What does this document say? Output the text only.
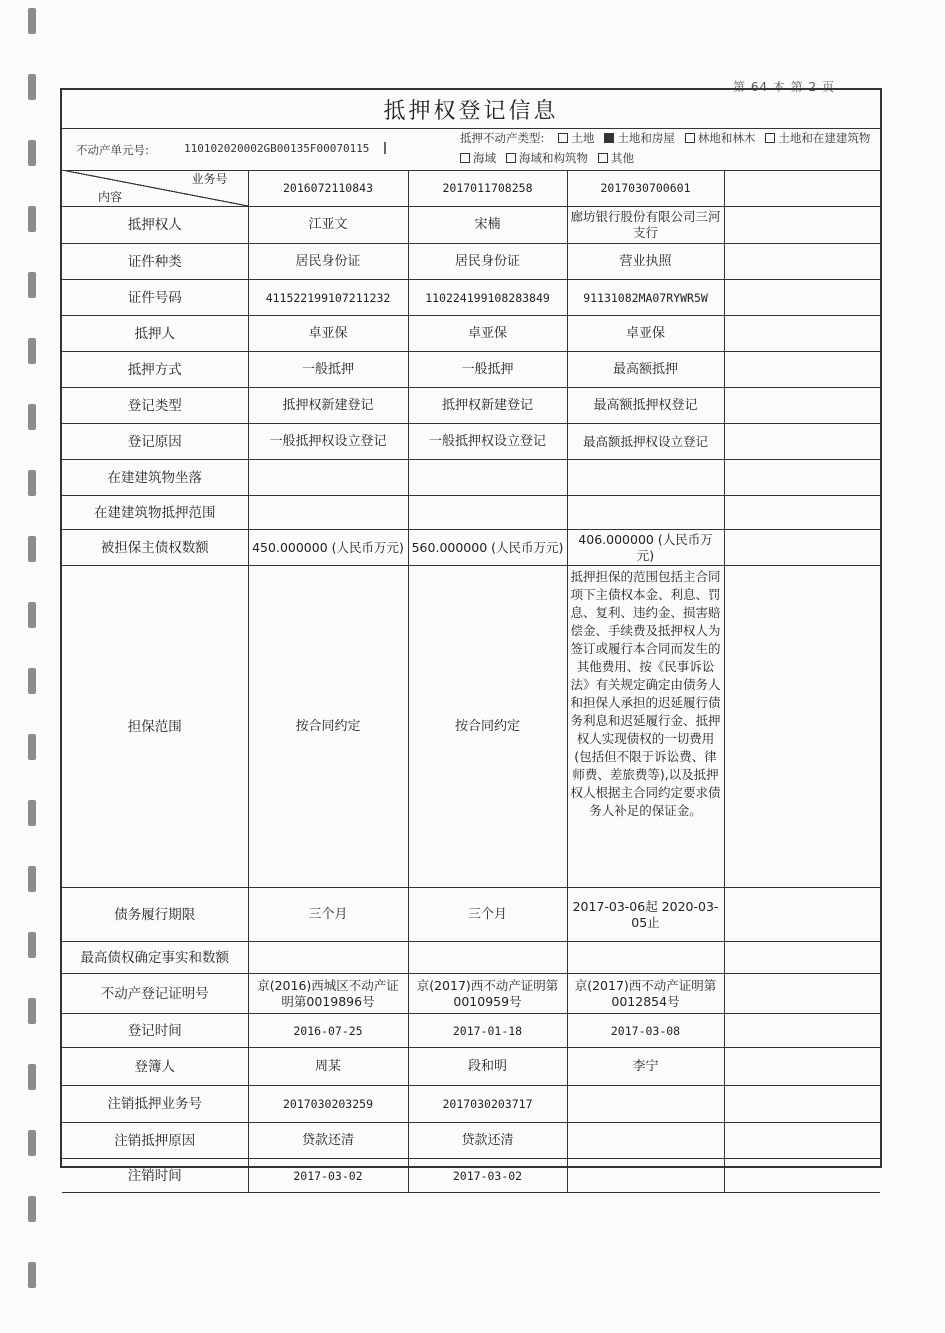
第 64 本 第 2 页
抵押权登记信息
不动产单元号:	110102020002GB00135F00070115
抵押不动产类型: 土地 土地和房屋 林地和林木 土地和在建建筑物
海域 海域和构筑物 其他
业务号
内容	2016072110843	2017011708258	2017030700601	
抵押权人	江亚文	宋楠	廊坊银行股份有限公司三河支行	
证件种类	居民身份证	居民身份证	营业执照	
证件号码	411522199107211232	110224199108283849	91131082MA07RYWR5W	
抵押人	卓亚保	卓亚保	卓亚保	
抵押方式	一般抵押	一般抵押	最高额抵押	
登记类型	抵押权新建登记	抵押权新建登记	最高额抵押权登记	
登记原因	一般抵押权设立登记	一般抵押权设立登记	最高额抵押权设立登记	
在建建筑物坐落				
在建建筑物抵押范围				
被担保主债权数额	450.000000 (人民币万元)	560.000000 (人民币万元)	406.000000 (人民币万元)	
担保范围	按合同约定	按合同约定	抵押担保的范围包括主合同项下主债权本金、利息、罚息、复利、违约金、损害赔偿金、手续费及抵押权人为签订或履行本合同而发生的其他费用、按《民事诉讼法》有关规定确定由债务人和担保人承担的迟延履行债务利息和迟延履行金、抵押权人实现债权的一切费用(包括但不限于诉讼费、律师费、差旅费等),以及抵押权人根据主合同约定要求债务人补足的保证金。	
债务履行期限	三个月	三个月	2017-03-06起 2020-03-05止	
最高债权确定事实和数额				
不动产登记证明号	京(2016)西城区不动产证明第0019896号	京(2017)西不动产证明第0010959号	京(2017)西不动产证明第0012854号	
登记时间	2016-07-25	2017-01-18	2017-03-08	
登簿人	周某	段和明	李宁	
注销抵押业务号	2017030203259	2017030203717		
注销抵押原因	贷款还清	贷款还清		
注销时间	2017-03-02	2017-03-02		
